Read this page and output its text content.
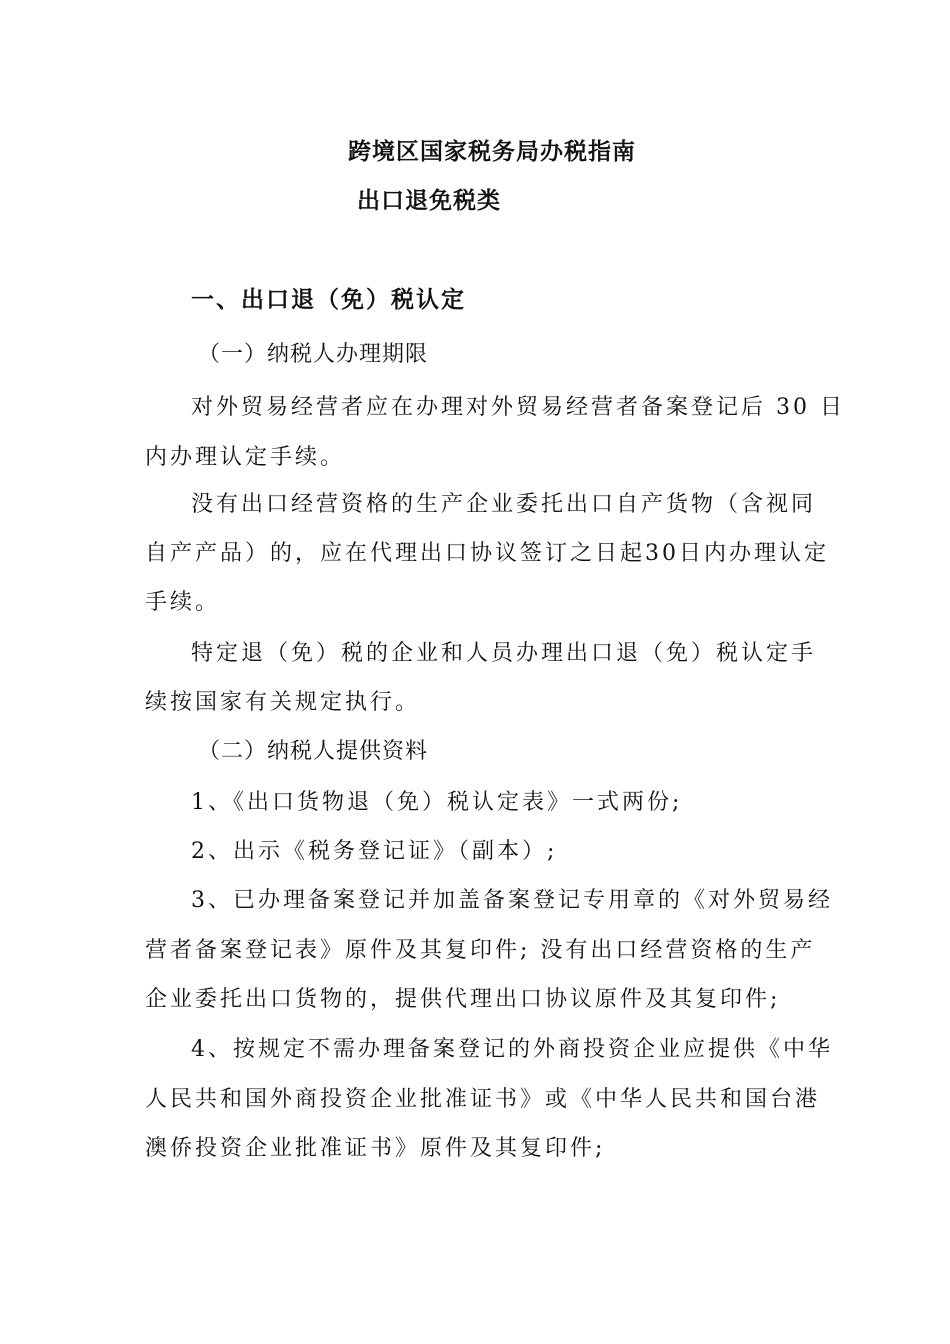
跨境区国家税务局办税指南
出口退免税类
一、出口退（免）税认定
（一）纳税人办理期限
对外贸易经营者应在办理对外贸易经营者备案登记后 30 日
内办理认定手续。
没有出口经营资格的生产企业委托出口自产货物（含视同
自产产品）的，应在代理出口协议签订之日起30日内办理认定
手续。
特定退（免）税的企业和人员办理出口退（免）税认定手
续按国家有关规定执行。
（二）纳税人提供资料
1、《出口货物退（免）税认定表》一式两份;
2、出示《税务登记证》（副本）;
3、已办理备案登记并加盖备案登记专用章的《对外贸易经
营者备案登记表》原件及其复印件; 没有出口经营资格的生产
企业委托出口货物的，提供代理出口协议原件及其复印件;
4、按规定不需办理备案登记的外商投资企业应提供《中华
人民共和国外商投资企业批准证书》或《中华人民共和国台港
澳侨投资企业批准证书》原件及其复印件;
